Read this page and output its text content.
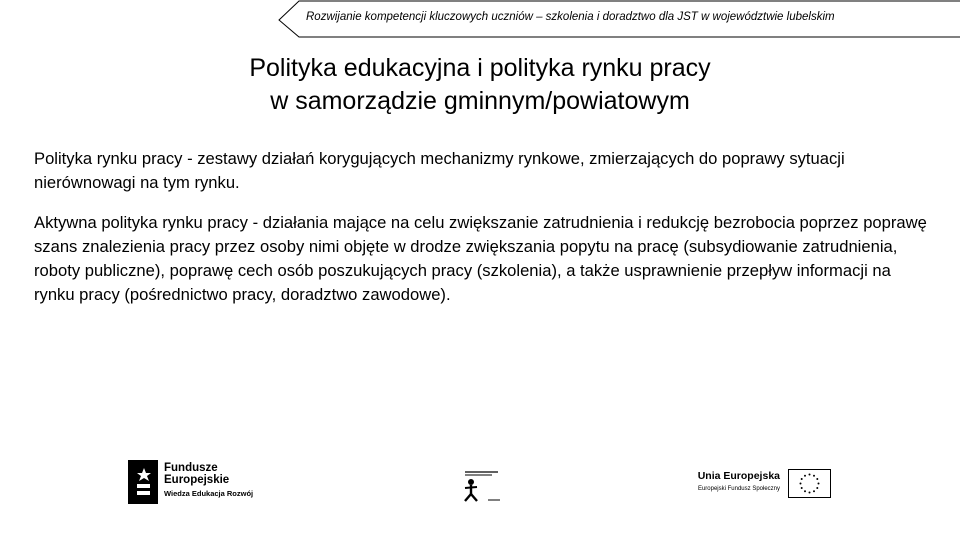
Rozwijanie kompetencji kluczowych uczniów – szkolenia i doradztwo dla JST w województwie lubelskim
Polityka edukacyjna i polityka rynku pracy
w samorządzie gminnym/powiatowym

Polityka rynku pracy - zestawy działań korygujących mechanizmy rynkowe, zmierzających do poprawy sytuacji nierównowagi na tym rynku.

Aktywna polityka rynku pracy - działania mające na celu zwiększanie zatrudnienia i redukcję bezrobocia poprzez poprawę szans znalezienia pracy przez osoby nimi objęte w drodze zwiększania popytu na pracę (subsydiowanie zatrudnienia, roboty publiczne), poprawę cech osób poszukujących pracy (szkolenia), a także usprawnienie przepływ informacji na rynku pracy (pośrednictwo pracy, doradztwo zawodowe).

Fundusze
Europejskie
Wiedza Edukacja Rozwój
Unia Europejska
Europejski Fundusz Społeczny
